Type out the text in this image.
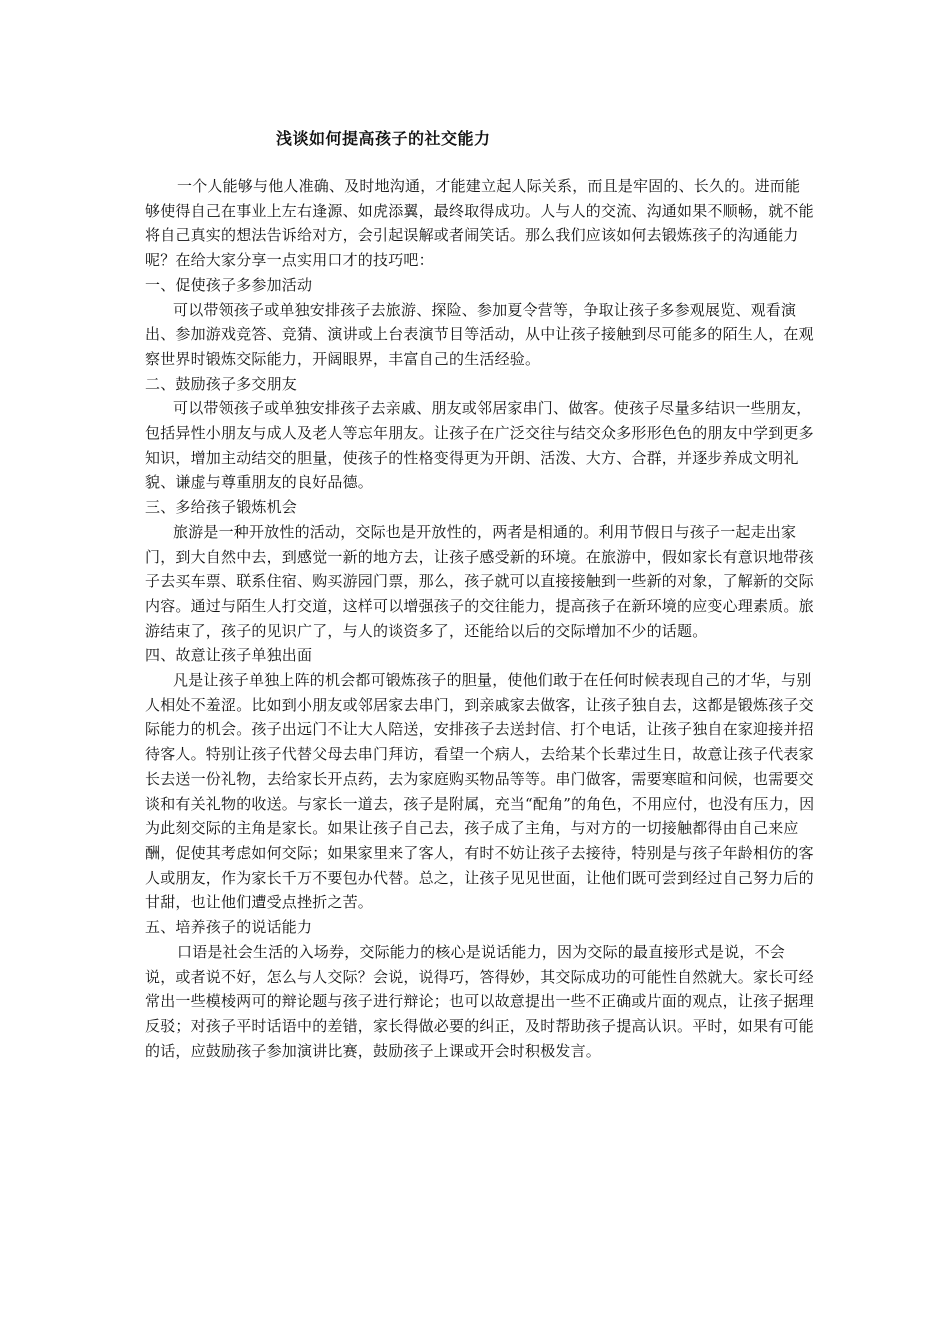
浅谈如何提高孩子的社交能力

一个人能够与他人准确、及时地沟通，才能建立起人际关系，而且是牢固的、长久的。进而能够使得自己在事业上左右逢源、如虎添翼，最终取得成功。人与人的交流、沟通如果不顺畅，就不能将自己真实的想法告诉给对方，会引起误解或者闹笑话。那么我们应该如何去锻炼孩子的沟通能力呢？在给大家分享一点实用口才的技巧吧：

一、促使孩子多参加活动

可以带领孩子或单独安排孩子去旅游、探险、参加夏令营等，争取让孩子多参观展览、观看演出、参加游戏竞答、竞猜、演讲或上台表演节目等活动，从中让孩子接触到尽可能多的陌生人，在观察世界时锻炼交际能力，开阔眼界，丰富自己的生活经验。

二、鼓励孩子多交朋友

可以带领孩子或单独安排孩子去亲戚、朋友或邻居家串门、做客。使孩子尽量多结识一些朋友，包括异性小朋友与成人及老人等忘年朋友。让孩子在广泛交往与结交众多形形色色的朋友中学到更多知识，增加主动结交的胆量，使孩子的性格变得更为开朗、活泼、大方、合群，并逐步养成文明礼貌、谦虚与尊重朋友的良好品德。

三、多给孩子锻炼机会

旅游是一种开放性的活动，交际也是开放性的，两者是相通的。利用节假日与孩子一起走出家门，到大自然中去，到感觉一新的地方去，让孩子感受新的环境。在旅游中，假如家长有意识地带孩子去买车票、联系住宿、购买游园门票，那么，孩子就可以直接接触到一些新的对象，了解新的交际内容。通过与陌生人打交道，这样可以增强孩子的交往能力，提高孩子在新环境的应变心理素质。旅游结束了，孩子的见识广了，与人的谈资多了，还能给以后的交际增加不少的话题。

四、故意让孩子单独出面

凡是让孩子单独上阵的机会都可锻炼孩子的胆量，使他们敢于在任何时候表现自己的才华，与别人相处不羞涩。比如到小朋友或邻居家去串门，到亲戚家去做客，让孩子独自去，这都是锻炼孩子交际能力的机会。孩子出远门不让大人陪送，安排孩子去送封信、打个电话，让孩子独自在家迎接并招待客人。特别让孩子代替父母去串门拜访，看望一个病人，去给某个长辈过生日，故意让孩子代表家长去送一份礼物，去给家长开点药，去为家庭购买物品等等。串门做客，需要寒暄和问候，也需要交谈和有关礼物的收送。与家长一道去，孩子是附属，充当“配角”的角色，不用应付，也没有压力，因为此刻交际的主角是家长。如果让孩子自己去，孩子成了主角，与对方的一切接触都得由自己来应酬，促使其考虑如何交际；如果家里来了客人，有时不妨让孩子去接待，特别是与孩子年龄相仿的客人或朋友，作为家长千万不要包办代替。总之，让孩子见见世面，让他们既可尝到经过自己努力后的甘甜，也让他们遭受点挫折之苦。

五、培养孩子的说话能力

口语是社会生活的入场券，交际能力的核心是说话能力，因为交际的最直接形式是说，不会说，或者说不好，怎么与人交际？会说，说得巧，答得妙，其交际成功的可能性自然就大。家长可经常出一些模棱两可的辩论题与孩子进行辩论；也可以故意提出一些不正确或片面的观点，让孩子据理反驳；对孩子平时话语中的差错，家长得做必要的纠正，及时帮助孩子提高认识。平时，如果有可能的话，应鼓励孩子参加演讲比赛，鼓励孩子上课或开会时积极发言。
